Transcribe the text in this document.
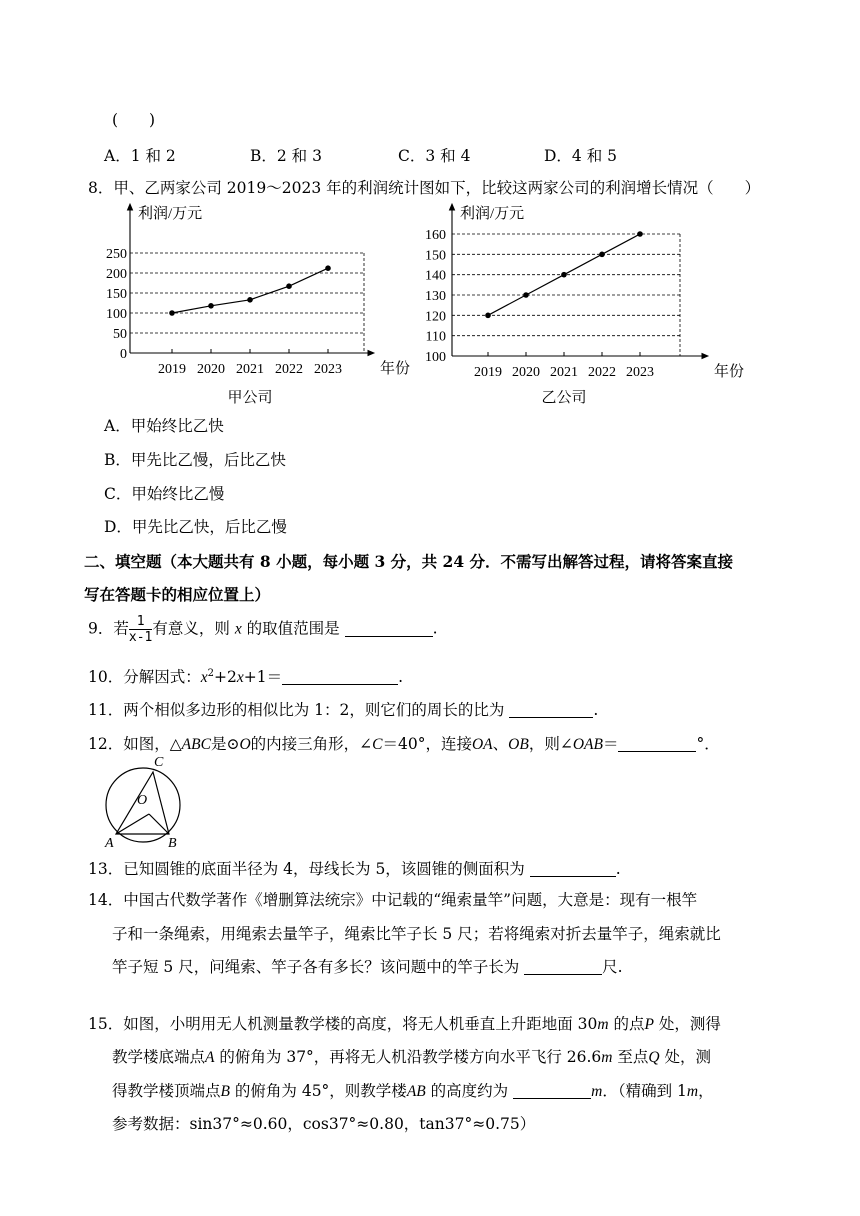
(　　)
A．1 和 2	B．2 和 3	C．3 和 4	D．4 和 5
8．甲、乙两家公司 2019～2023 年的利润统计图如下，比较这两家公司的利润增长情况（　　）
0
50
100
150
200
250
利润/万元
年份
2019 2020 2021 2022 2023
甲公司
100
110
120
130
140
150
160
利润/万元
年份
2019 2020 2021 2022 2023
乙公司
A．甲始终比乙快
B．甲先比乙慢，后比乙快
C．甲始终比乙慢
D．甲先比乙快，后比乙慢
二、填空题（本大题共有 8 小题，每小题 3 分，共 24 分．不需写出解答过程，请将答案直接
写在答题卡的相应位置上）
9．若 $\frac{1}{x-1}$ 有意义，则 x 的取值范围是	.
10．分解因式：$x^2+2x+1=$	.
11．两个相似多边形的相似比为 1：2，则它们的周长的比为	.
12．如图，△ABC是⊙O的内接三角形，∠C＝40°，连接OA、OB，则∠OAB＝	°．
A	B
C
O
13．已知圆锥的底面半径为 4，母线长为 5，该圆锥的侧面积为	.
14．中国古代数学著作《增删算法统宗》中记载的“绳索量竿”问题，大意是：现有一根竿
子和一条绳索，用绳索去量竿子，绳索比竿子长 5 尺；若将绳索对折去量竿子，绳索就比
竿子短 5 尺，问绳索、竿子各有多长？该问题中的竿子长为	尺.
15．如图，小明用无人机测量教学楼的高度，将无人机垂直上升距地面 30m 的点P 处，测得
教学楼底端点A 的俯角为 37°，再将无人机沿教学楼方向水平飞行 26.6m 至点Q 处，测
得教学楼顶端点B 的俯角为 45°，则教学楼AB 的高度约为	m．（精确到 1m，
参考数据：sin37°≈0.60，cos37°≈0.80，tan37°≈0.75）
